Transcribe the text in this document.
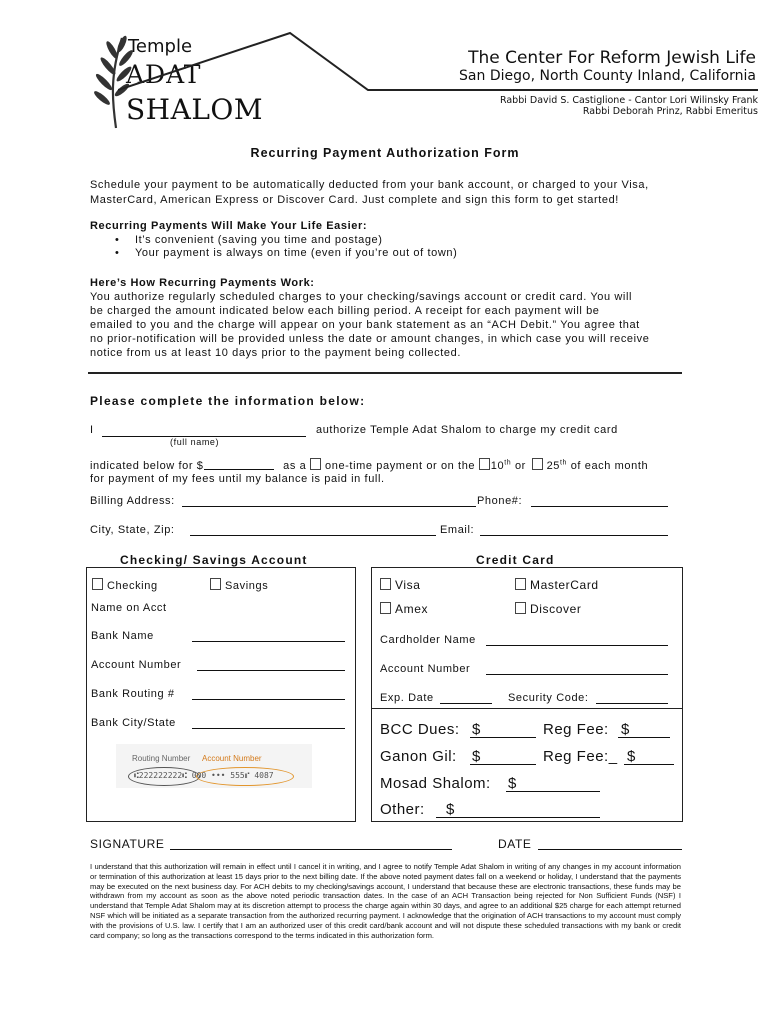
Temple
ADAT
SHALOM
The Center For Reform Jewish Life
San Diego, North County Inland, California
Rabbi David S. Castiglione - Cantor Lori Wilinsky Frank
Rabbi Deborah Prinz, Rabbi Emeritus
Recurring Payment Authorization Form
Schedule your payment to be automatically deducted from your bank account, or charged to your Visa,
MasterCard, American Express or Discover Card. Just complete and sign this form to get started!
Recurring Payments Will Make Your Life Easier:
• It’s convenient (saving you time and postage)
• Your payment is always on time (even if you’re out of town)
Here’s How Recurring Payments Work:
You authorize regularly scheduled charges to your checking/savings account or credit card. You will
be charged the amount indicated below each billing period. A receipt for each payment will be
emailed to you and the charge will appear on your bank statement as an “ACH Debit.” You agree that
no prior-notification will be provided unless the date or amount changes, in which case you will receive
notice from us at least 10 days prior to the payment being collected.
Please complete the information below:
I	authorize Temple Adat Shalom to charge my credit card
(full name)
indicated below for $	as a one-time payment or on the 10th or 25th of each month
for payment of my fees until my balance is paid in full.
Billing Address:	Phone#:
City, State, Zip:	Email:
Checking/ Savings Account
Checking	Savings
Name on Acct
Bank Name
Account Number
Bank Routing #
Bank City/State
Routing Number Account Number
⑆222222222⑆ 000 ••• 555⑈ 4087
Credit Card
Visa	MasterCard
Amex	Discover
Cardholder Name
Account Number
Exp. Date	Security Code:
BCC Dues: $	Reg Fee: $
Ganon Gil: $	Reg Fee:_ $
Mosad Shalom: $
Other: $
SIGNATURE	DATE
I understand that this authorization will remain in effect until I cancel it in writing, and I agree to notify Temple Adat Shalom in writing of any changes in my account information or termination of this authorization at least 15 days prior to the next billing date. If the above noted payment dates fall on a weekend or holiday, I understand that the payments may be executed on the next business day. For ACH debits to my checking/savings account, I understand that because these are electronic transactions, these funds may be withdrawn from my account as soon as the above noted periodic transaction dates. In the case of an ACH Transaction being rejected for Non Sufficient Funds (NSF) I understand that Temple Adat Shalom may at its discretion attempt to process the charge again within 30 days, and agree to an additional $25 charge for each attempt returned NSF which will be initiated as a separate transaction from the authorized recurring payment. I acknowledge that the origination of ACH transactions to my account must comply with the provisions of U.S. law. I certify that I am an authorized user of this credit card/bank account and will not dispute these scheduled transactions with my bank or credit card company; so long as the transactions correspond to the terms indicated in this authorization form.
